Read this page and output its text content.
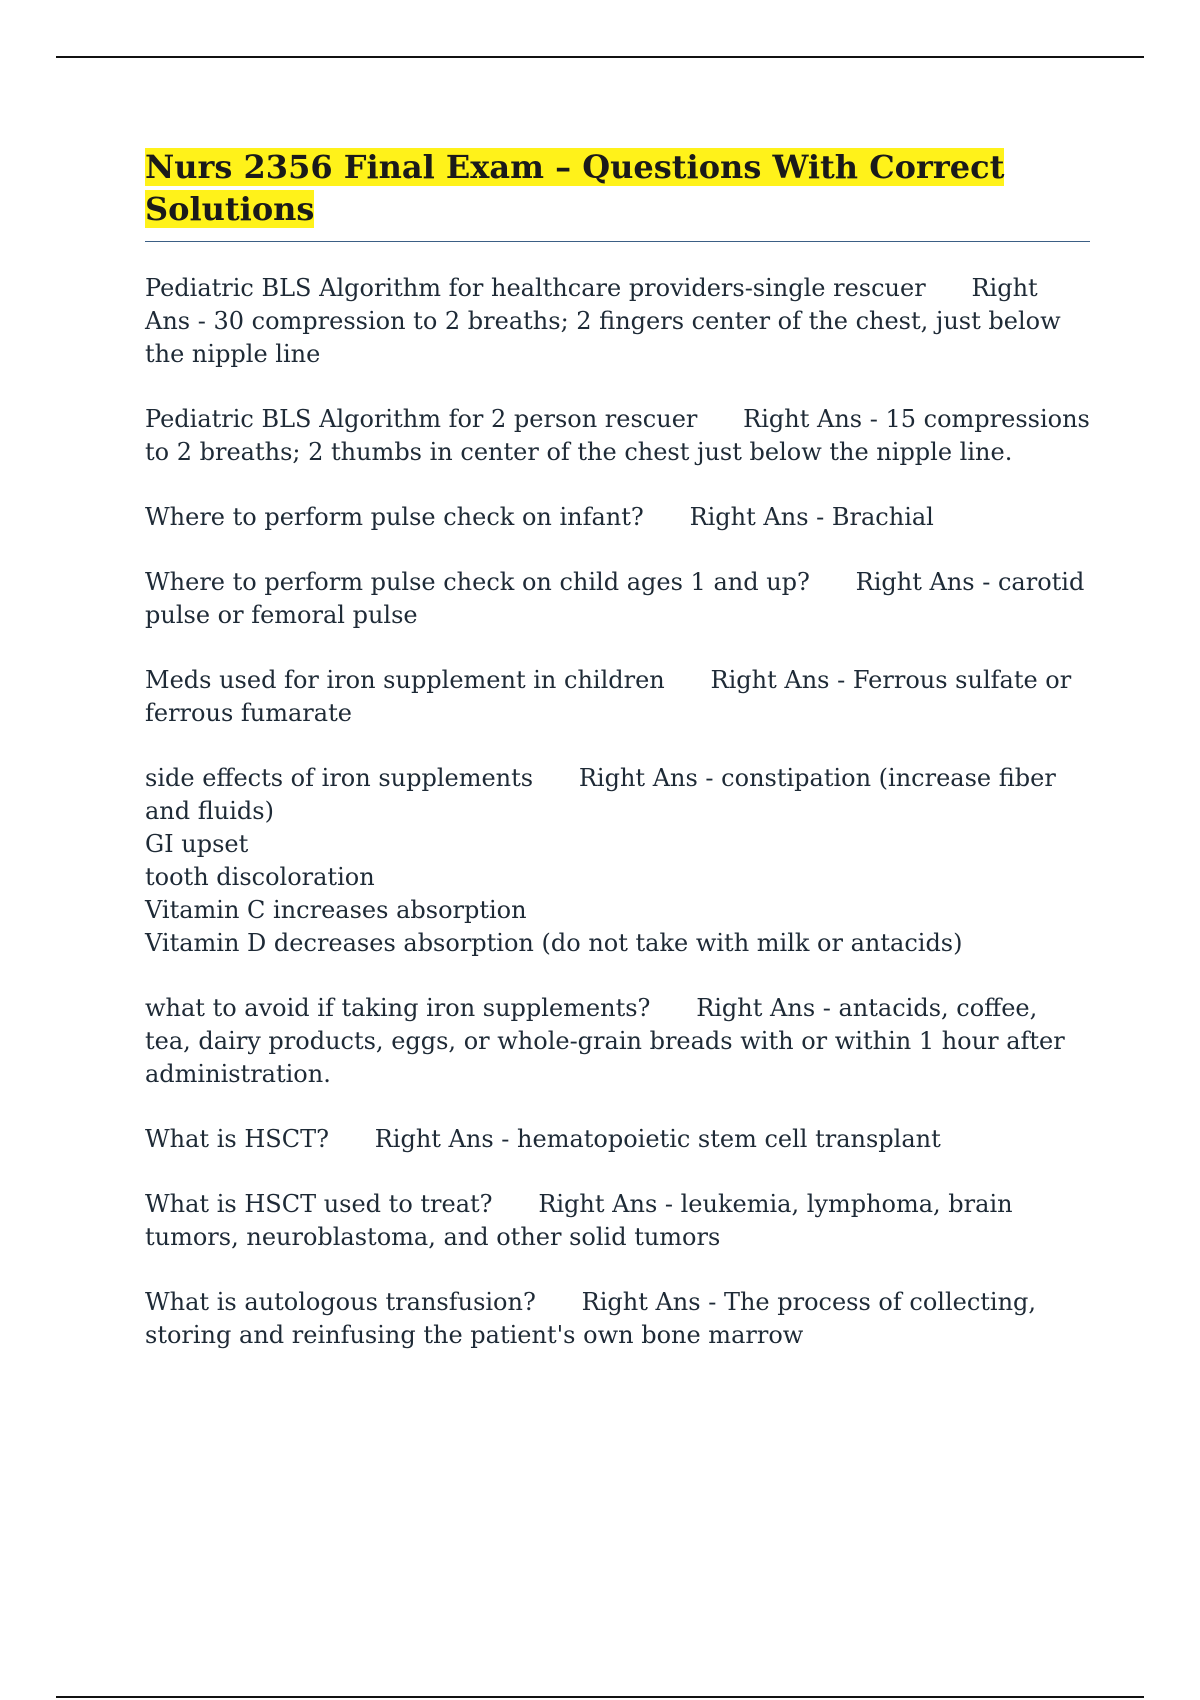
Nurs 2356 Final Exam – Questions With Correct Solutions

Pediatric BLS Algorithm for healthcare providers-single rescuer Right Ans - 30 compression to 2 breaths; 2 fingers center of the chest, just below the nipple line

Pediatric BLS Algorithm for 2 person rescuer Right Ans - 15 compressions to 2 breaths; 2 thumbs in center of the chest just below the nipple line.

Where to perform pulse check on infant? Right Ans - Brachial

Where to perform pulse check on child ages 1 and up? Right Ans - carotid pulse or femoral pulse

Meds used for iron supplement in children Right Ans - Ferrous sulfate or ferrous fumarate

side effects of iron supplements Right Ans - constipation (increase fiber and fluids)
GI upset
tooth discoloration
Vitamin C increases absorption
Vitamin D decreases absorption (do not take with milk or antacids)

what to avoid if taking iron supplements? Right Ans - antacids, coffee, tea, dairy products, eggs, or whole-grain breads with or within 1 hour after administration.

What is HSCT? Right Ans - hematopoietic stem cell transplant

What is HSCT used to treat? Right Ans - leukemia, lymphoma, brain tumors, neuroblastoma, and other solid tumors

What is autologous transfusion? Right Ans - The process of collecting, storing and reinfusing the patient's own bone marrow
